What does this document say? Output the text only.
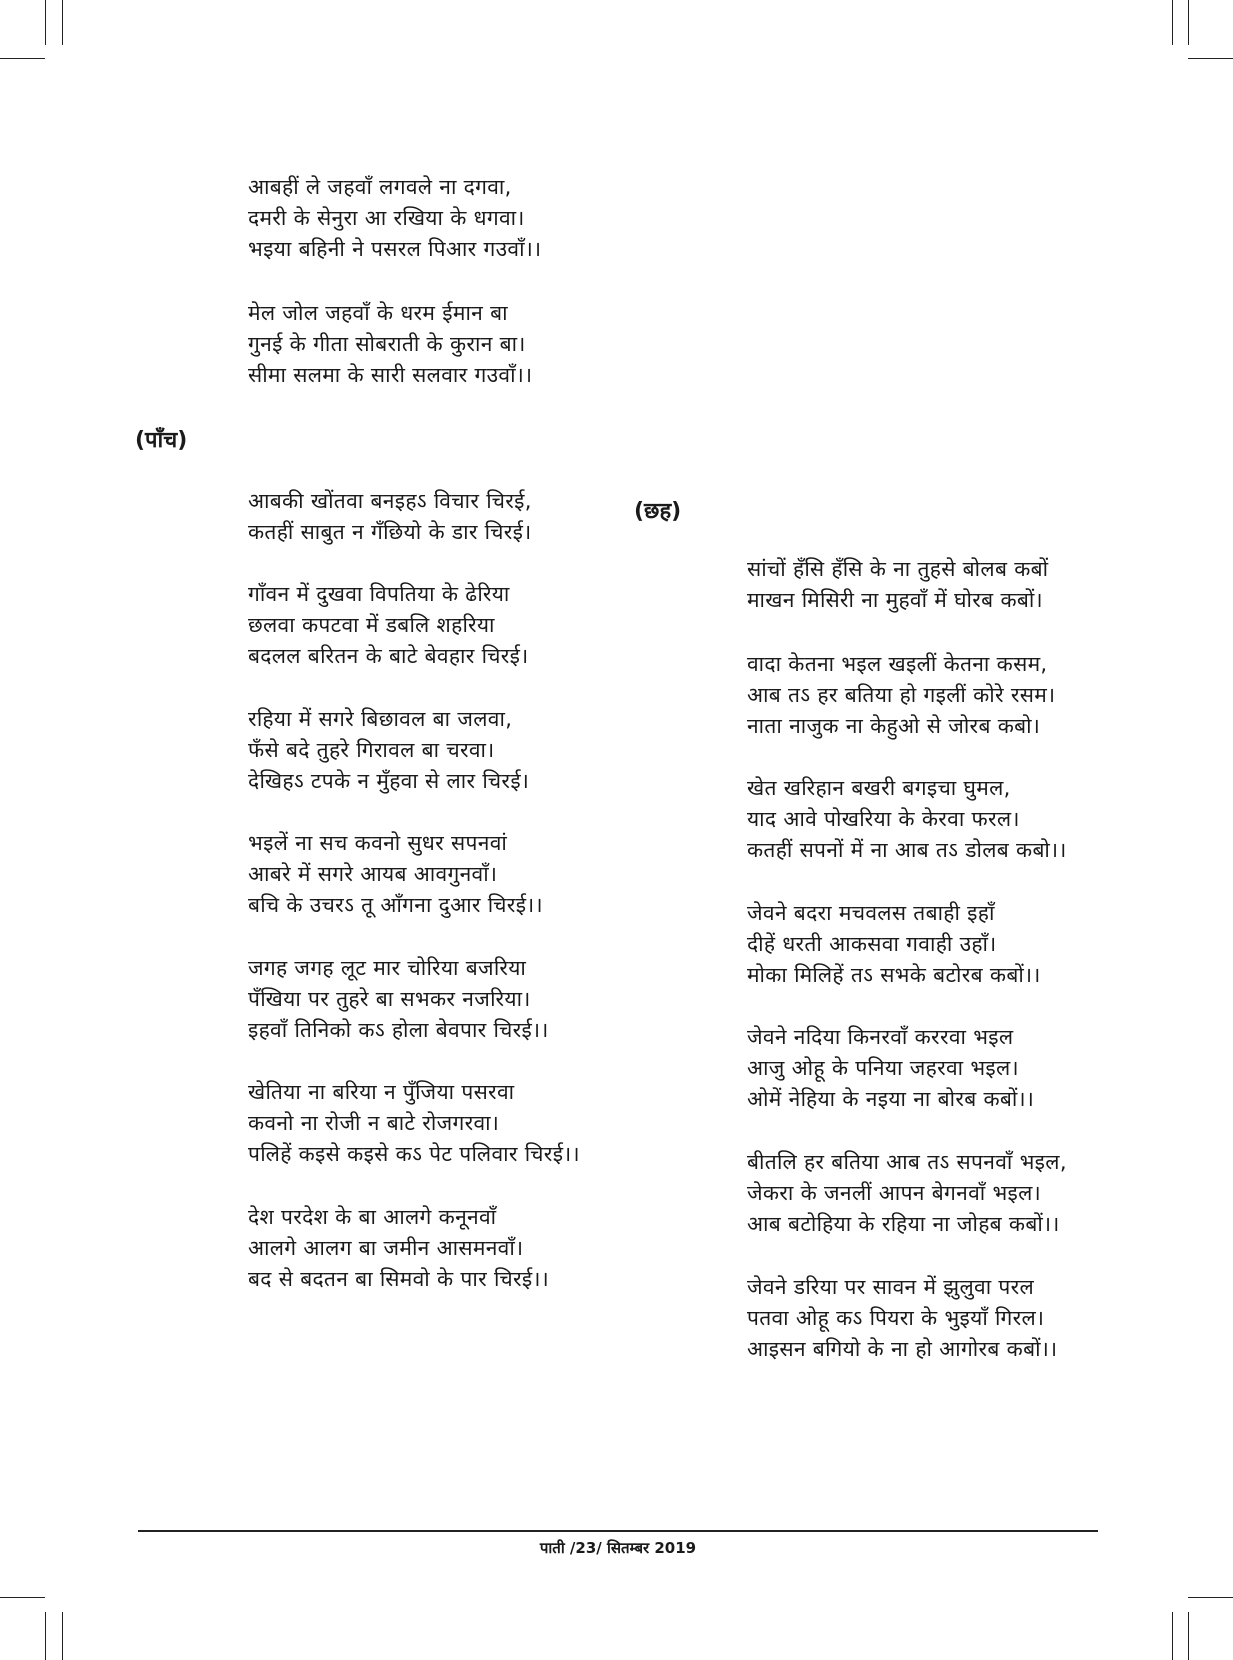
आबहीं ले जहवाँ लगवले ना दगवा,
दमरी के सेनुरा आ रखिया के धगवा।
भइया बहिनी ने पसरल पिआर गउवाँ।।
मेल जोल जहवाँ के धरम ईमान बा
गुनई के गीता सोबराती के कुरान बा।
सीमा सलमा के सारी सलवार गउवाँ।।
(पाँच)
आबकी खोंतवा बनइहऽ विचार चिरई,
कतहीं साबुत न गँछियो के डार चिरई।
गाँवन में दुखवा विपतिया के ढेरिया
छलवा कपटवा में डबलि शहरिया
बदलल बरितन के बाटे बेवहार चिरई।
रहिया में सगरे बिछावल बा जलवा,
फँसे बदे तुहरे गिरावल बा चरवा।
देखिहऽ टपके न मुँहवा से लार चिरई।
भइलें ना सच कवनो सुधर सपनवां
आबरे में सगरे आयब आवगुनवाँ।
बचि के उचरऽ तू आँगना दुआर चिरई।।
जगह जगह लूट मार चोरिया बजरिया
पँखिया पर तुहरे बा सभकर नजरिया।
इहवाँ तिनिको कऽ होला बेवपार चिरई।।
खेतिया ना बरिया न पुँजिया पसरवा
कवनो ना रोजी न बाटे रोजगरवा।
पलिहें कइसे कइसे कऽ पेट पलिवार चिरई।।
देश परदेश के बा आलगे कनूनवाँ
आलगे आलग बा जमीन आसमनवाँ।
बद से बदतन बा सिमवो के पार चिरई।।
(छह)
सांचों हँसि हँसि के ना तुहसे बोलब कबों
माखन मिसिरी ना मुहवाँ में घोरब कबों।
वादा केतना भइल खइलीं केतना कसम,
आब तऽ हर बतिया हो गइलीं कोरे रसम।
नाता नाजुक ना केहुओ से जोरब कबो।
खेत खरिहान बखरी बगइचा घुमल,
याद आवे पोखरिया के केरवा फरल।
कतहीं सपनों में ना आब तऽ डोलब कबो।।
जेवने बदरा मचवलस तबाही इहाँ
दीहें धरती आकसवा गवाही उहाँ।
मोका मिलिहें तऽ सभके बटोरब कबों।।
जेवने नदिया किनरवाँ कररवा भइल
आजु ओहू के पनिया जहरवा भइल।
ओमें नेहिया के नइया ना बोरब कबों।।
बीतलि हर बतिया आब तऽ सपनवाँ भइल,
जेकरा के जनलीं आपन बेगनवाँ भइल।
आब बटोहिया के रहिया ना जोहब कबों।।
जेवने डरिया पर सावन में झुलुवा परल
पतवा ओहू कऽ पियरा के भुइयाँ गिरल।
आइसन बगियो के ना हो आगोरब कबों।।
पाती /23/ सितम्बर 2019
